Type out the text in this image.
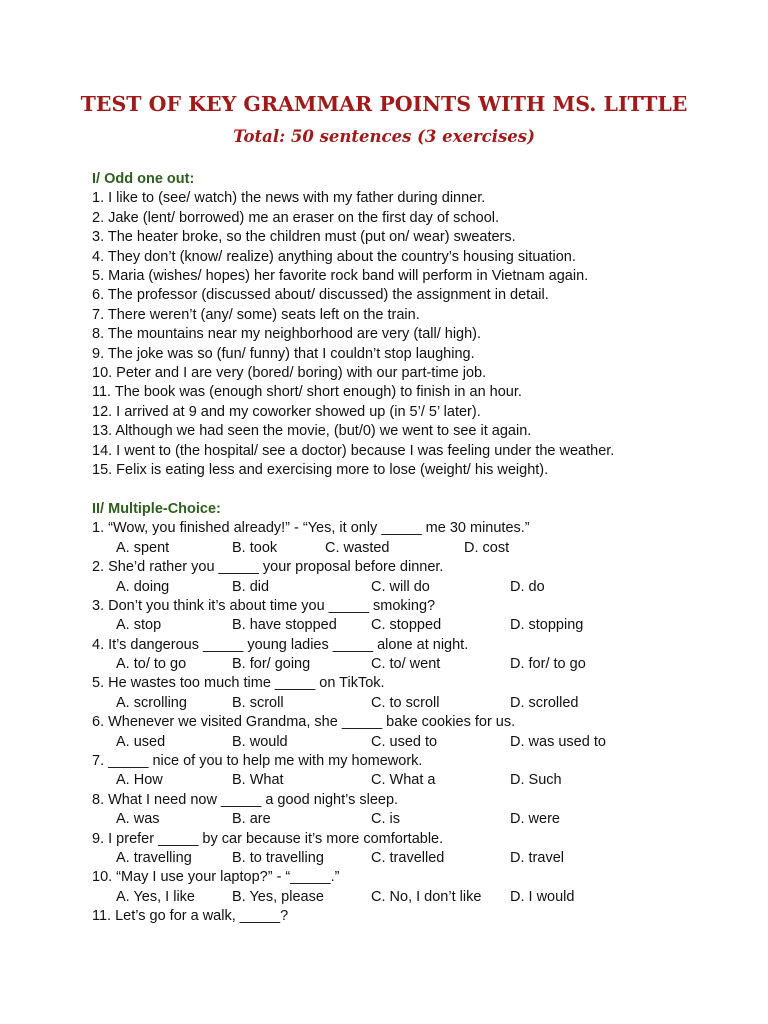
TEST OF KEY GRAMMAR POINTS WITH MS. LITTLE
Total: 50 sentences (3 exercises)
I/ Odd one out:
1. I like to (see/ watch) the news with my father during dinner.
2. Jake (lent/ borrowed) me an eraser on the first day of school.
3. The heater broke, so the children must (put on/ wear) sweaters.
4. They don’t (know/ realize) anything about the country’s housing situation.
5. Maria (wishes/ hopes) her favorite rock band will perform in Vietnam again.
6. The professor (discussed about/ discussed) the assignment in detail.
7. There weren’t (any/ some) seats left on the train.
8. The mountains near my neighborhood are very (tall/ high).
9. The joke was so (fun/ funny) that I couldn’t stop laughing.
10. Peter and I are very (bored/ boring) with our part-time job.
11. The book was (enough short/ short enough) to finish in an hour.
12. I arrived at 9 and my coworker showed up (in 5’/ 5’ later).
13. Although we had seen the movie, (but/0) we went to see it again.
14. I went to (the hospital/ see a doctor) because I was feeling under the weather.
15. Felix is eating less and exercising more to lose (weight/ his weight).
II/ Multiple-Choice:
1. “Wow, you finished already!” - “Yes, it only _____ me 30 minutes.”
A. spent	B. took	C. wasted	D. cost
2. She’d rather you _____ your proposal before dinner.
A. doing	B. did	C. will do	D. do
3. Don’t you think it’s about time you _____ smoking?
A. stop	B. have stopped C. stopped	D. stopping
4. It’s dangerous _____ young ladies _____ alone at night.
A. to/ to go	B. for/ going	C. to/ went	D. for/ to go
5. He wastes too much time _____ on TikTok.
A. scrolling	B. scroll	C. to scroll	D. scrolled
6. Whenever we visited Grandma, she _____ bake cookies for us.
A. used	B. would	C. used to	D. was used to
7. _____ nice of you to help me with my homework.
A. How	B. What	C. What a	D. Such
8. What I need now _____ a good night’s sleep.
A. was	B. are	C. is	D. were
9. I prefer _____ by car because it’s more comfortable.
A. travelling	B. to travelling	C. travelled	D. travel
10. “May I use your laptop?” - “_____.”
A. Yes, I like	B. Yes, please	C. No, I don’t like D. I would
11. Let’s go for a walk, _____?
